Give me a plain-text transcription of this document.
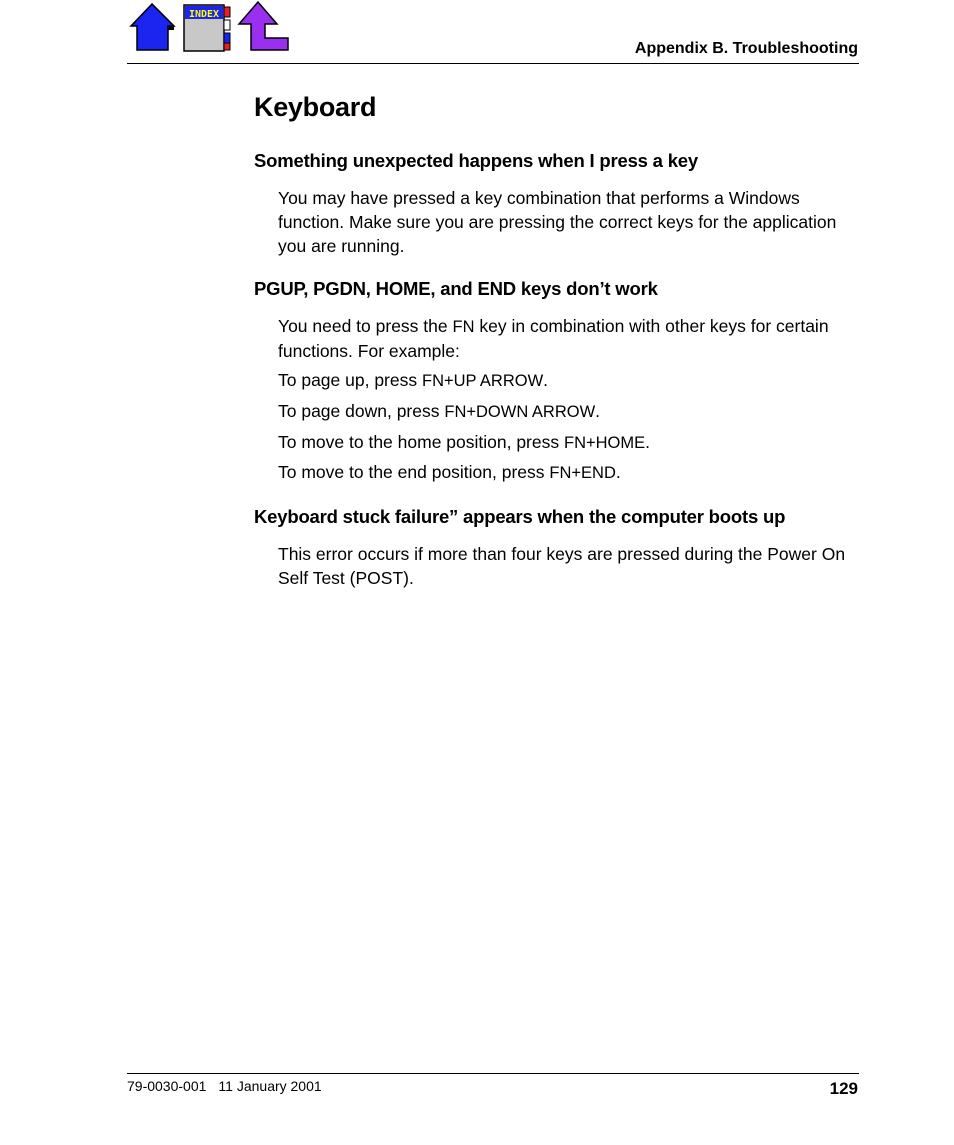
INDEX
Appendix B. Troubleshooting
Keyboard
Something unexpected happens when I press a key
You may have pressed a key combination that performs a Windows function. Make sure you are pressing the correct keys for the application you are running.
PGUP, PGDN, HOME, and END keys don’t work
You need to press the FN key in combination with other keys for certain functions. For example:
To page up, press FN+UP ARROW.
To page down, press FN+DOWN ARROW.
To move to the home position, press FN+HOME.
To move to the end position, press FN+END.
Keyboard stuck failure” appears when the computer boots up
This error occurs if more than four keys are pressed during the Power On Self Test (POST).
79-0030-001 11 January 2001	129
